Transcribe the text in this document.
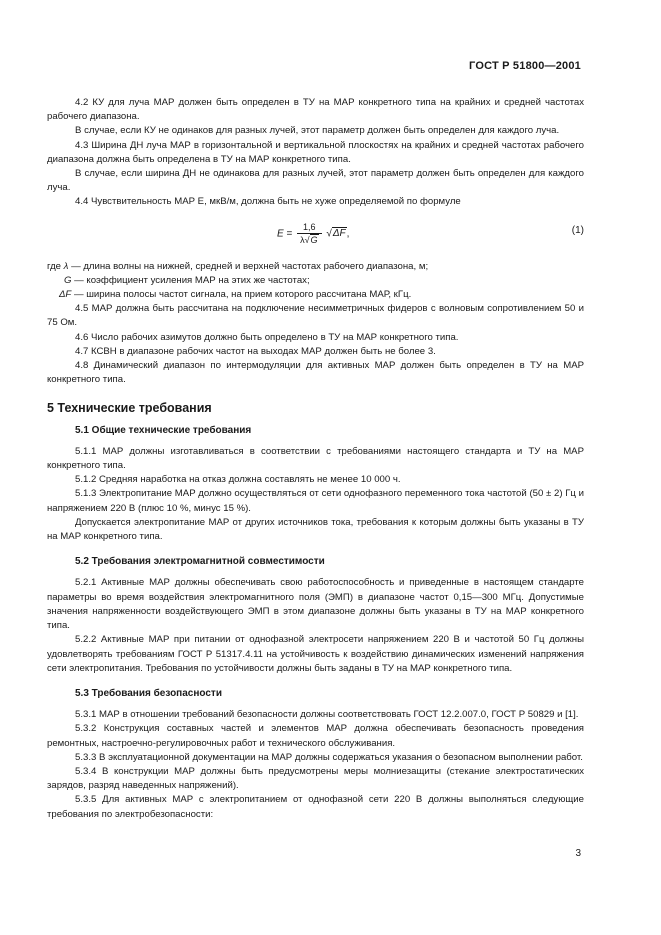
ГОСТ Р 51800—2001

4.2 КУ для луча МАР должен быть определен в ТУ на МАР конкретного типа на крайних и средней частотах рабочего диапазона.

В случае, если КУ не одинаков для разных лучей, этот параметр должен быть определен для каждого луча.

4.3 Ширина ДН луча МАР в горизонтальной и вертикальной плоскостях на крайних и средней частотах рабочего диапазона должна быть определена в ТУ на МАР конкретного типа.

В случае, если ширина ДН не одинакова для разных лучей, этот параметр должен быть определен для каждого луча.

4.4 Чувствительность МАР E, мкВ/м, должна быть не хуже определяемой по формуле

$E = \frac{1,6}{\lambda√G} √\Delta F$,	(1)

где λ — длина волны на нижней, средней и верхней частотах рабочего диапазона, м;

G — коэффициент усиления МАР на этих же частотах;

ΔF — ширина полосы частот сигнала, на прием которого рассчитана МАР, кГц.

4.5 МАР должна быть рассчитана на подключение несимметричных фидеров с волновым сопротивлением 50 и 75 Ом.

4.6 Число рабочих азимутов должно быть определено в ТУ на МАР конкретного типа.

4.7 КСВН в диапазоне рабочих частот на выходах МАР должен быть не более 3.

4.8 Динамический диапазон по интермодуляции для активных МАР должен быть определен в ТУ на МАР конкретного типа.

5 Технические требования
5.1 Общие технические требования

5.1.1 МАР должны изготавливаться в соответствии с требованиями настоящего стандарта и ТУ на МАР конкретного типа.

5.1.2 Средняя наработка на отказ должна составлять не менее 10 000 ч.

5.1.3 Электропитание МАР должно осуществляться от сети однофазного переменного тока частотой (50 ± 2) Гц и напряжением 220 В (плюс 10 %, минус 15 %).

Допускается электропитание МАР от других источников тока, требования к которым должны быть указаны в ТУ на МАР конкретного типа.

5.2 Требования электромагнитной совместимости

5.2.1 Активные МАР должны обеспечивать свою работоспособность и приведенные в настоящем стандарте параметры во время воздействия электромагнитного поля (ЭМП) в диапазоне частот 0,15—300 МГц. Допустимые значения напряженности воздействующего ЭМП в этом диапазоне должны быть указаны в ТУ на МАР конкретного типа.

5.2.2 Активные МАР при питании от однофазной электросети напряжением 220 В и частотой 50 Гц должны удовлетворять требованиям ГОСТ Р 51317.4.11 на устойчивость к воздействию динамических изменений напряжения сети электропитания. Требования по устойчивости должны быть заданы в ТУ на МАР конкретного типа.

5.3 Требования безопасности

5.3.1 МАР в отношении требований безопасности должны соответствовать ГОСТ 12.2.007.0, ГОСТ Р 50829 и [1].

5.3.2 Конструкция составных частей и элементов МАР должна обеспечивать безопасность проведения ремонтных, настроечно-регулировочных работ и технического обслуживания.

5.3.3 В эксплуатационной документации на МАР должны содержаться указания о безопасном выполнении работ.

5.3.4 В конструкции МАР должны быть предусмотрены меры молниезащиты (стекание электростатических зарядов, разряд наведенных напряжений).

5.3.5 Для активных МАР с электропитанием от однофазной сети 220 В должны выполняться следующие требования по электробезопасности:

3
